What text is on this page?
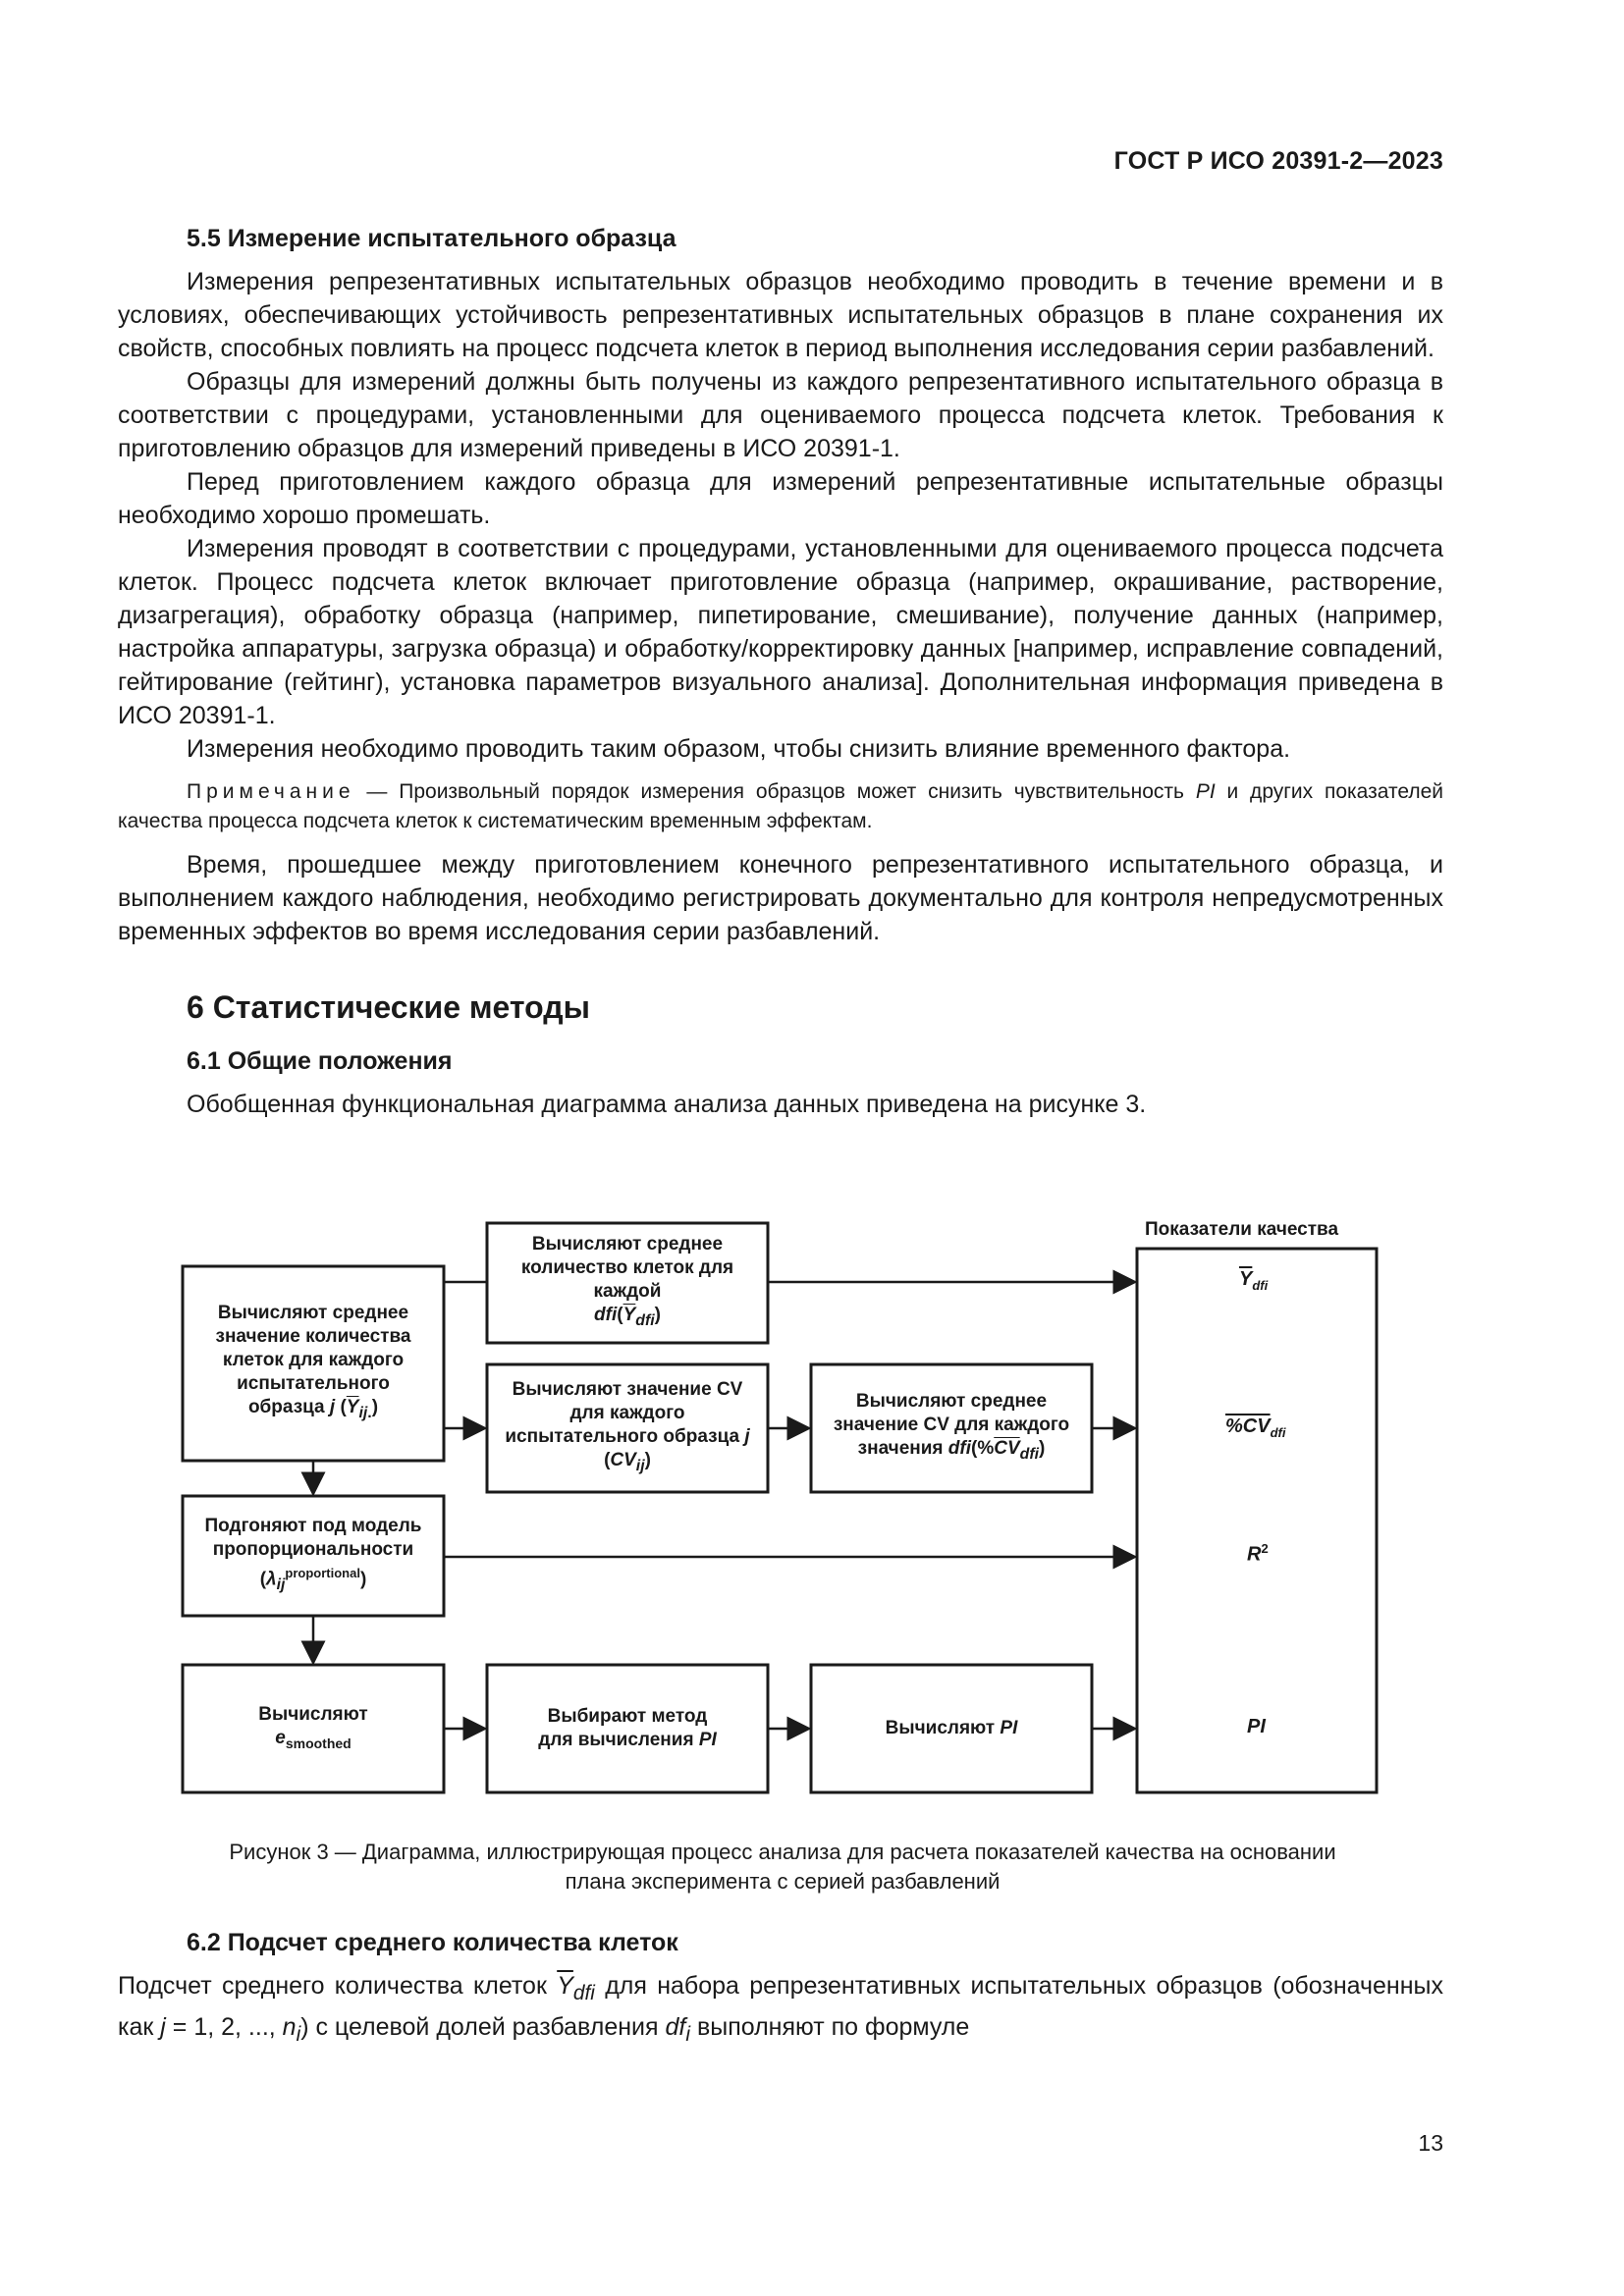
ГОСТ Р ИСО 20391-2—2023
5.5 Измерение испытательного образца

Измерения репрезентативных испытательных образцов необходимо проводить в течение времени и в условиях, обеспечивающих устойчивость репрезентативных испытательных образцов в плане сохранения их свойств, способных повлиять на процесс подсчета клеток в период выполнения исследования серии разбавлений.

Образцы для измерений должны быть получены из каждого репрезентативного испытательного образца в соответствии с процедурами, установленными для оцениваемого процесса подсчета клеток. Требования к приготовлению образцов для измерений приведены в ИСО 20391-1.

Перед приготовлением каждого образца для измерений репрезентативные испытательные образцы необходимо хорошо промешать.

Измерения проводят в соответствии с процедурами, установленными для оцениваемого процесса подсчета клеток. Процесс подсчета клеток включает приготовление образца (например, окрашивание, растворение, дизагрегация), обработку образца (например, пипетирование, смешивание), получение данных (например, настройка аппаратуры, загрузка образца) и обработку/корректировку данных [например, исправление совпадений, гейтирование (гейтинг), установка параметров визуального анализа]. Дополнительная информация приведена в ИСО 20391-1.

Измерения необходимо проводить таким образом, чтобы снизить влияние временного фактора.

Примечание — Произвольный порядок измерения образцов может снизить чувствительность PI и других показателей качества процесса подсчета клеток к систематическим временным эффектам.

Время, прошедшее между приготовлением конечного репрезентативного испытательного образца, и выполнением каждого наблюдения, необходимо регистрировать документально для контроля непредусмотренных временных эффектов во время исследования серии разбавлений.

6 Статистические методы
6.1 Общие положения
Обобщенная функциональная диаграмма анализа данных приведена на рисунке 3.
Показатели качества
Вычисляют среднее
значение количества
клеток для каждого
испытательного
образца j $(\overline{Y}_{ij.})$
Вычисляют среднее
количество клеток для
каждой
$dfi(\overline{Y}_{dfi})$
Вычисляют значение CV
для каждого
испытательного образца j
$(CV_{ij})$
Вычисляют среднее
значение CV для каждого
значения $dfi(\%\overline{CV}_{dfi})$
Подгоняют под модель
пропорциональности
$(\lambda_{ij}^{proportional})$
Вычисляют
$e_{smoothed}$
Выбирают метод
для вычисления PI
Вычисляют PI
$\overline{Y}_{dfi}$
$\%CV_{dfi}$
$R^2$
PI
Рисунок 3 — Диаграмма, иллюстрирующая процесс анализа для расчета показателей качества на основании
плана эксперимента с серией разбавлений
6.2 Подсчет среднего количества клеток

Подсчет среднего количества клеток $\overline{Y}_{dfi}$ для набора репрезентативных испытательных образцов (обозначенных как j = 1, 2, ..., $n_i$) с целевой долей разбавления $df_i$ выполняют по формуле

13
